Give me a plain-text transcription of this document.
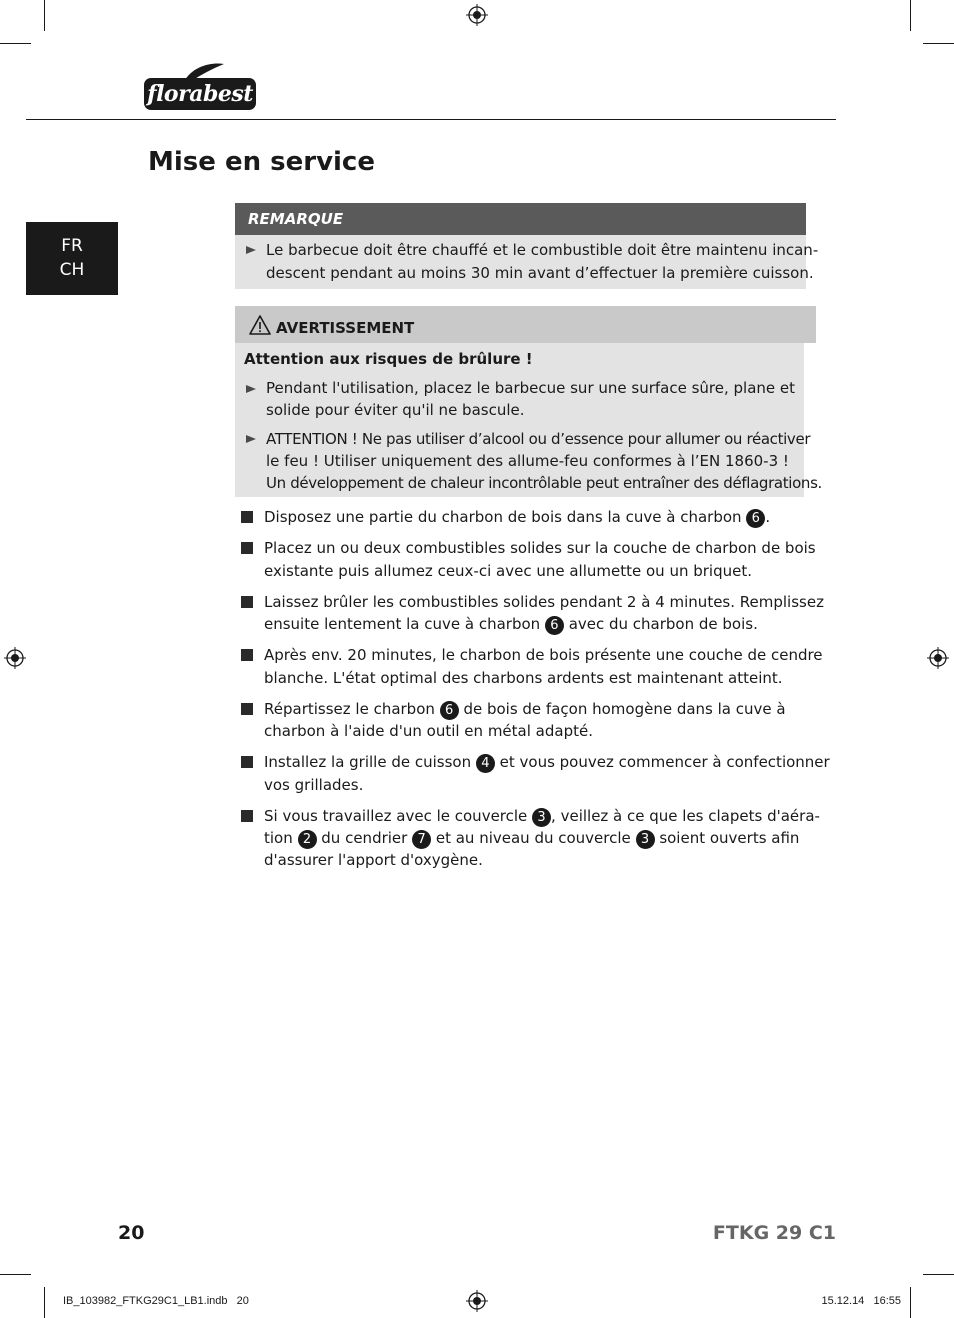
florabest
Mise en service
FR
CH
REMARQUE
Le barbecue doit être chauffé et le combustible doit être maintenu incan-
descent pendant au moins 30 min avant d’effectuer la première cuisson.
AVERTISSEMENT
Pendant l'utilisation, placez le barbecue sur une surface sûre, plane et
solide pour éviter qu'il ne bascule.
ATTENTION ! Ne pas utiliser d’alcool ou d’essence pour allumer ou réactiver
le feu ! Utiliser uniquement des allume-feu conformes à l’EN 1860-3 !
Un développement de chaleur incontrôlable peut entraîner des déflagrations.
Attention aux risques de brûlure !
Disposez une partie du charbon de bois dans la cuve à charbon 6 .
Placez un ou deux combustibles solides sur la couche de charbon de bois
existante puis allumez ceux-ci avec une allumette ou un briquet.
Laissez brûler les combustibles solides pendant 2 à 4 minutes. Remplissez
ensuite lentement la cuve à charbon 6 avec du charbon de bois.
Après env. 20 minutes, le charbon de bois présente une couche de cendre
blanche. L'état optimal des charbons ardents est maintenant atteint.
Répartissez le charbon 6 de bois de façon homogène dans la cuve à
charbon à l'aide d'un outil en métal adapté.
Installez la grille de cuisson 4 et vous pouvez commencer à confectionner
vos grillades.
Si vous travaillez avec le couvercle 3 , veillez à ce que les clapets d'aéra-
tion 2 du cendrier 7 et au niveau du couvercle 3 soient ouverts afin
d'assurer l'apport d'oxygène.
20	FTKG 29 C1
IB_103982_FTKG29C1_LB1.indb   20	15.12.14   16:55
